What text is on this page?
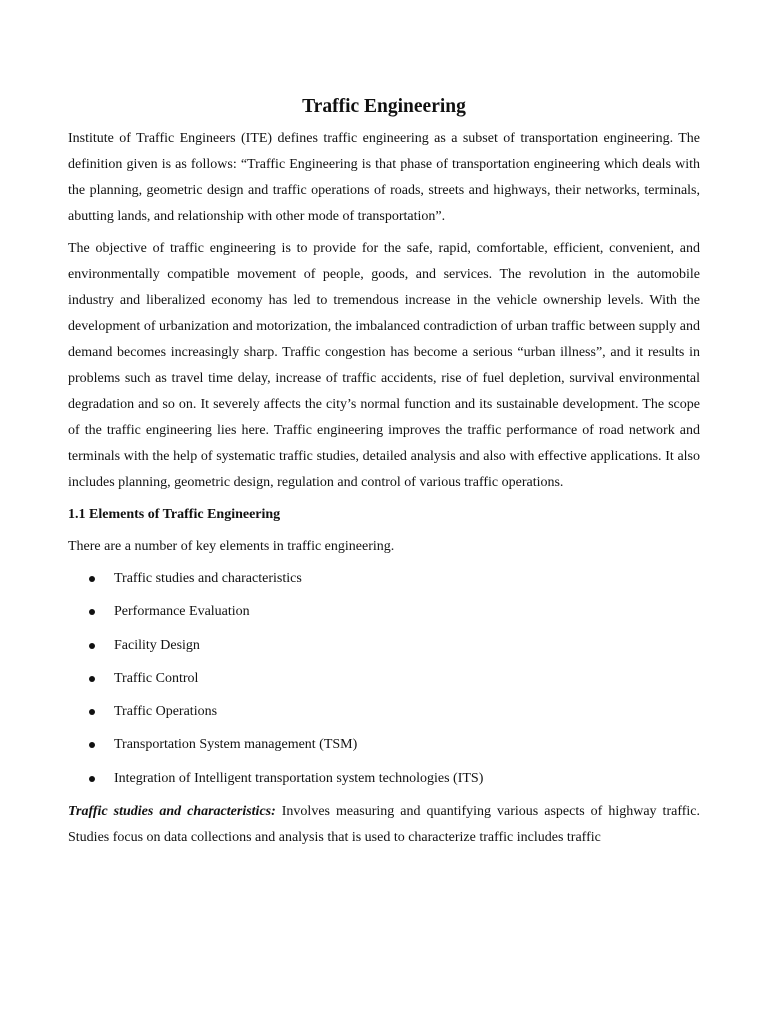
Traffic Engineering

Institute of Traffic Engineers (ITE) defines traffic engineering as a subset of transportation engineering. The definition given is as follows: “Traffic Engineering is that phase of transportation engineering which deals with the planning, geometric design and traffic operations of roads, streets and highways, their networks, terminals, abutting lands, and relationship with other mode of transportation”.

The objective of traffic engineering is to provide for the safe, rapid, comfortable, efficient, convenient, and environmentally compatible movement of people, goods, and services. The revolution in the automobile industry and liberalized economy has led to tremendous increase in the vehicle ownership levels. With the development of urbanization and motorization, the imbalanced contradiction of urban traffic between supply and demand becomes increasingly sharp. Traffic congestion has become a serious “urban illness”, and it results in problems such as travel time delay, increase of traffic accidents, rise of fuel depletion, survival environmental degradation and so on. It severely affects the city’s normal function and its sustainable development. The scope of the traffic engineering lies here. Traffic engineering improves the traffic performance of road network and terminals with the help of systematic traffic studies, detailed analysis and also with effective applications. It also includes planning, geometric design, regulation and control of various traffic operations.

1.1 Elements of Traffic Engineering

There are a number of key elements in traffic engineering.

Traffic studies and characteristics
Performance Evaluation
Facility Design
Traffic Control
Traffic Operations
Transportation System management (TSM)
Integration of Intelligent transportation system technologies (ITS)

Traffic studies and characteristics: Involves measuring and quantifying various aspects of highway traffic. Studies focus on data collections and analysis that is used to characterize traffic includes traffic
